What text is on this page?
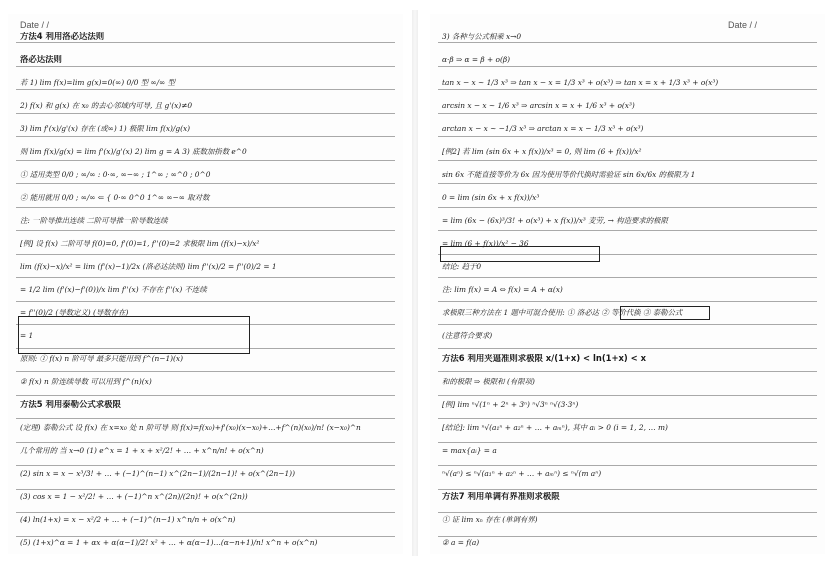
Date / /
方法4 利用洛必达法则
洛必达法则
若 1) lim f(x)=lim g(x)=0(∞) 0/0 型 ∞/∞ 型
2) f(x) 和 g(x) 在 x₀ 的去心邻域内可导, 且 g'(x)≠0
3) lim f'(x)/g'(x) 存在 (或∞) 1) 极限 lim f(x)/g(x)
则 lim f(x)/g(x) = lim f'(x)/g'(x) 2) lim g = A 3) 底数加指数 e^0
① 适用类型 0/0 ; ∞/∞ : 0·∞, ∞−∞ ; 1^∞ ; ∞^0 ; 0^0
② 能用就用 0/0 ; ∞/∞ ⇐ { 0·∞ 0^0 1^∞ ∞−∞ 取对数
注: 一阶导推出连续 二阶可导推一阶导数连续
[例] 设 f(x) 二阶可导 f(0)=0, f'(0)=1, f''(0)=2 求极限 lim (f(x)−x)/x²
lim (f(x)−x)/x² = lim (f'(x)−1)/2x (洛必达法则) lim f''(x)/2 = f''(0)/2 = 1
= 1/2 lim (f'(x)−f'(0))/x lim f''(x) 不存在 f''(x) 不连续
= f''(0)/2 (导数定义) (导数存在)
= 1
原则: ① f(x) n 阶可导 最多只能用到 f^(n−1)(x)
② f(x) n 阶连续导数 可以用到 f^(n)(x)
方法5 利用泰勒公式求极限
(定理) 泰勒公式 设 f(x) 在 x=x₀ 处 n 阶可导 则 f(x)=f(x₀)+f'(x₀)(x−x₀)+…+f^(n)(x₀)/n! (x−x₀)^n
几个常用的 当 x→0 (1) e^x = 1 + x + x²/2! + … + x^n/n! + o(x^n)
(2) sin x = x − x³/3! + … + (−1)^(n−1) x^(2n−1)/(2n−1)! + o(x^(2n−1))
(3) cos x = 1 − x²/2! + … + (−1)^n x^(2n)/(2n)! + o(x^(2n))
(4) ln(1+x) = x − x²/2 + … + (−1)^(n−1) x^n/n + o(x^n)
(5) (1+x)^α = 1 + αx + α(α−1)/2! x² + … + α(α−1)…(α−n+1)/n! x^n + o(x^n)
Date / /
3) 各种与公式相乘 x→0
α·β ⇒ α = β + o(β)
tan x − x ~ 1/3 x³ ⇒ tan x − x = 1/3 x³ + o(x³) ⇒ tan x = x + 1/3 x³ + o(x³)
arcsin x − x ~ 1/6 x³ ⇒ arcsin x = x + 1/6 x³ + o(x³)
arctan x − x ~ −1/3 x³ ⇒ arctan x = x − 1/3 x³ + o(x³)
[例2] 若 lim (sin 6x + x f(x))/x³ = 0, 则 lim (6 + f(x))/x²
sin 6x 不能直接等价为 6x 因为使用等价代换时需验证 sin 6x/6x 的极限为 1
0 = lim (sin 6x + x f(x))/x³
= lim (6x − (6x)³/3! + o(x³) + x f(x))/x³ 麦劳, → 构造要求的极限
= lim (6 + f(x))/x² − 36
结论: 趋于0
注: lim f(x) = A ⇔ f(x) = A + α(x)
求极限三种方法在 1 题中可混合使用: ① 洛必达 ② 等价代换 ③ 泰勒公式
(注意符合要求)
方法6 利用夹逼准则求极限 x/(1+x) < ln(1+x) < x
和的极限 ⇒ 极限和 (有限项)
[例] lim ⁿ√(1ⁿ + 2ⁿ + 3ⁿ) ⁿ√3ⁿ ⁿ√(3·3ⁿ)
[结论]: lim ⁿ√(a₁ⁿ + a₂ⁿ + … + aₘⁿ), 其中 aᵢ > 0 (i = 1, 2, … m)
= max{aᵢ} = a
ⁿ√(aⁿ) ≤ ⁿ√(a₁ⁿ + a₂ⁿ + … + aₘⁿ) ≤ ⁿ√(m aⁿ)
方法7 利用单调有界准则求极限
① 证 lim xₙ 存在 (单调有界)
② a = f(a)
